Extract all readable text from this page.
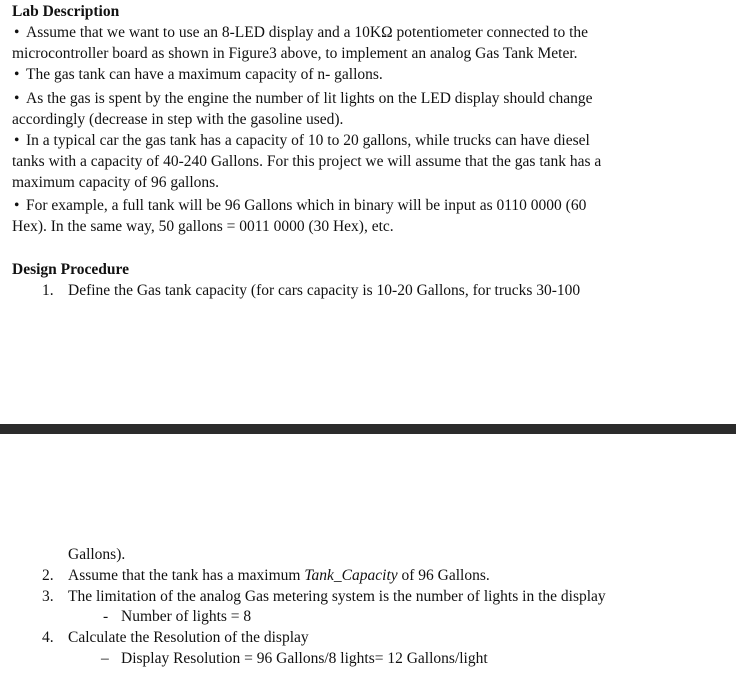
Lab Description
• Assume that we want to use an 8-LED display and a 10KΩ potentiometer connected to the
microcontroller board as shown in Figure3 above, to implement an analog Gas Tank Meter.
• The gas tank can have a maximum capacity of n- gallons.
• As the gas is spent by the engine the number of lit lights on the LED display should change
accordingly (decrease in step with the gasoline used).
• In a typical car the gas tank has a capacity of 10 to 20 gallons, while trucks can have diesel
tanks with a capacity of 40-240 Gallons. For this project we will assume that the gas tank has a
maximum capacity of 96 gallons.
• For example, a full tank will be 96 Gallons which in binary will be input as 0110 0000 (60
Hex). In the same way, 50 gallons = 0011 0000 (30 Hex), etc.
Design Procedure
1. Define the Gas tank capacity (for cars capacity is 10-20 Gallons, for trucks 30-100
Gallons).
2. Assume that the tank has a maximum Tank_Capacity of 96 Gallons.
3. The limitation of the analog Gas metering system is the number of lights in the display
- Number of lights = 8
4. Calculate the Resolution of the display
– Display Resolution = 96 Gallons/8 lights= 12 Gallons/light
